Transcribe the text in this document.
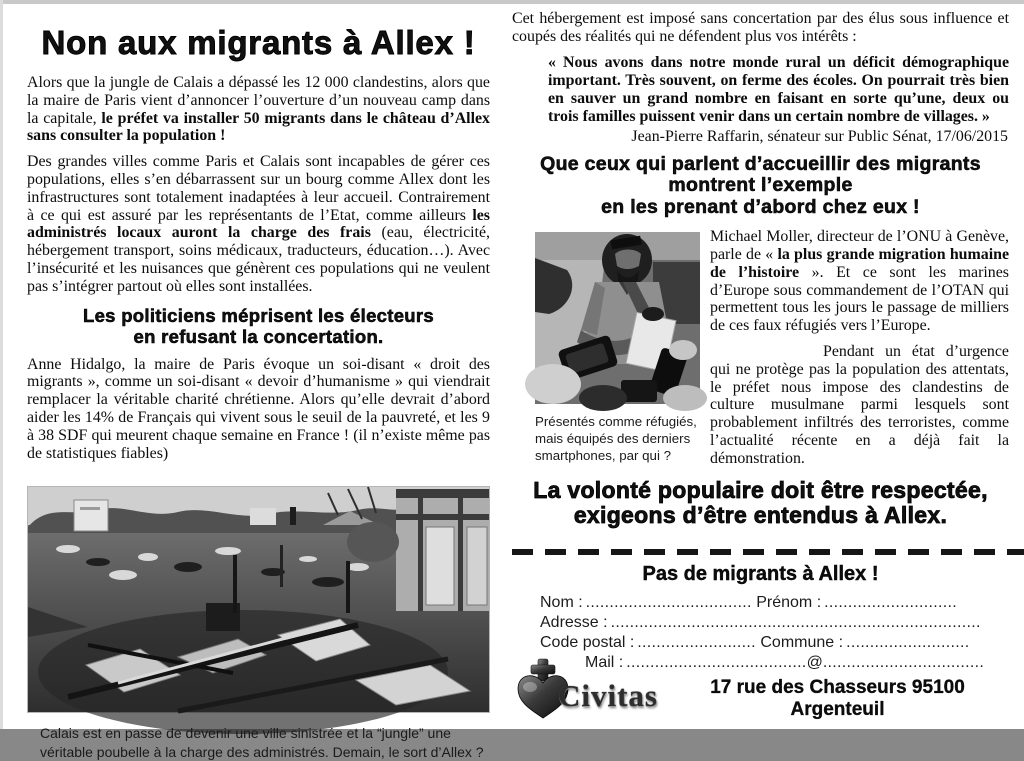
Non aux migrants à Allex !

Alors que la jungle de Calais a dépassé les 12 000 clandestins, alors que la maire de Paris vient d’annoncer l’ouverture d’un nouveau camp dans la capitale, le préfet va installer 50 migrants dans le château d’Allex sans consulter la population !

Des grandes villes comme Paris et Calais sont incapables de gérer ces populations, elles s’en débarrassent sur un bourg comme Allex dont les infrastructures sont totalement inadaptées à leur accueil. Contrairement à ce qui est assuré par les représentants de l’Etat, comme ailleurs les administrés locaux auront la charge des frais (eau, électricité, hébergement transport, soins médicaux, traducteurs, éducation…). Avec l’insécurité et les nuisances que génèrent ces populations qui ne veulent pas s’intégrer partout où elles sont installées.

Les politiciens méprisent les électeurs
en refusant la concertation.

Anne Hidalgo, la maire de Paris évoque un soi-disant « droit des migrants », comme un soi-disant « devoir d’humanisme » qui viendrait remplacer la véritable charité chrétienne. Alors qu’elle devrait d’abord aider les 14% de Français qui vivent sous le seuil de la pauvreté, et les 9 à 38 SDF qui meurent chaque semaine en France ! (il n’existe même pas de statistiques fiables)

Calais est en passe de devenir une ville sinistrée et la “jungle” une véritable poubelle à la charge des administrés. Demain, le sort d’Allex ?

Cet hébergement est imposé sans concertation par des élus sous influence et coupés des réalités qui ne défendent plus vos intérêts :

« Nous avons dans notre monde rural un déficit démographique important. Très souvent, on ferme des écoles. On pourrait très bien en sauver un grand nombre en faisant en sorte qu’une, deux ou trois familles puissent venir dans un certain nombre de villages. »

Jean-Pierre Raffarin, sénateur sur Public Sénat, 17/06/2015

Que ceux qui parlent d’accueillir des migrants
montrent l’exemple
en les prenant d’abord chez eux !
Présentés comme réfugiés, mais équipés des derniers smartphones, par qui ?

Michael Moller, directeur de l’ONU à Genève, parle de « la plus grande migration humaine de l’histoire ». Et ce sont les marines d’Europe sous commandement de l’OTAN qui permettent tous les jours le passage de milliers de ces faux réfugiés vers l’Europe.

Pendant un état d’urgence qui ne protège pas la population des attentats, le préfet nous impose des clandestins de culture musulmane parmi lesquels sont probablement infiltrés des terroristes, comme l’actualité récente en a déjà fait la démonstration.

La volonté populaire doit être respectée,
exigeons d’être entendus à Allex.
Pas de migrants à Allex !
Nom : ................................... Prénom : ............................
Adresse : ..............................................................................
Code postal : ......................... Commune : ..........................
Mail : ......................................@..................................
Civitas	17 rue des Chasseurs 95100 Argenteuil
